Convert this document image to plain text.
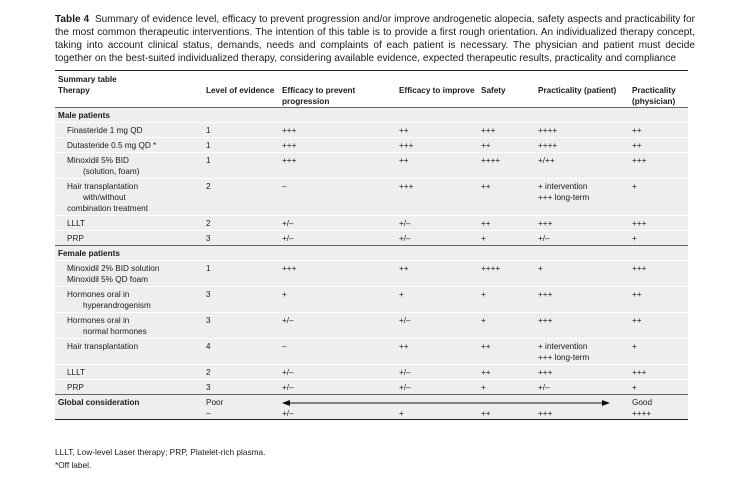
Table 4 Summary of evidence level, efficacy to prevent progression and/or improve androgenetic alopecia, safety aspects and practicability for the most common therapeutic interventions. The intention of this table is to provide a first rough orientation. An individualized therapy concept, taking into account clinical status, demands, needs and complaints of each patient is necessary. The physician and patient must decide together on the best-suited individualized therapy, considering available evidence, expected therapeutic results, practicality and compliance
Summary table						
Therapy	Level of evidence	Efficacy to prevent progression	Efficacy to improve	Safety	Practicality (patient)	Practicality (physician)
Male patients						
Finasteride 1 mg QD	1	+++	++	+++	++++	++
Dutasteride 0.5 mg QD *	1	+++	+++	++	++++	++
Minoxidil 5% BID
(solution, foam)	1	+++	++	++++	+/++	+++
Hair transplantation
with/without
combination treatment	2	–	+++	++	+ intervention
+++ long-term	+
LLLT	2	+/–	+/–	++	+++	+++
PRP	3	+/–	+/–	+	+/–	+
Female patients						
Minoxidil 2% BID solution
Minoxidil 5% QD foam	1	+++	++	++++	+	+++
Hormones oral in
hyperandrogenism	3	+	+	+	+++	++
Hormones oral in
normal hormones	3	+/–	+/–	+	+++	++
Hair transplantation	4	–	++	++	+ intervention
+++ long-term	+
LLLT	2	+/–	+/–	++	+++	+++
PRP	3	+/–	+/–	+	+/–	+
Global consideration	Poor					Good
	–	+/–	+	++	+++	++++
LLLT, Low-level Laser therapy; PRP, Platelet-rich plasma.
*Off label.
